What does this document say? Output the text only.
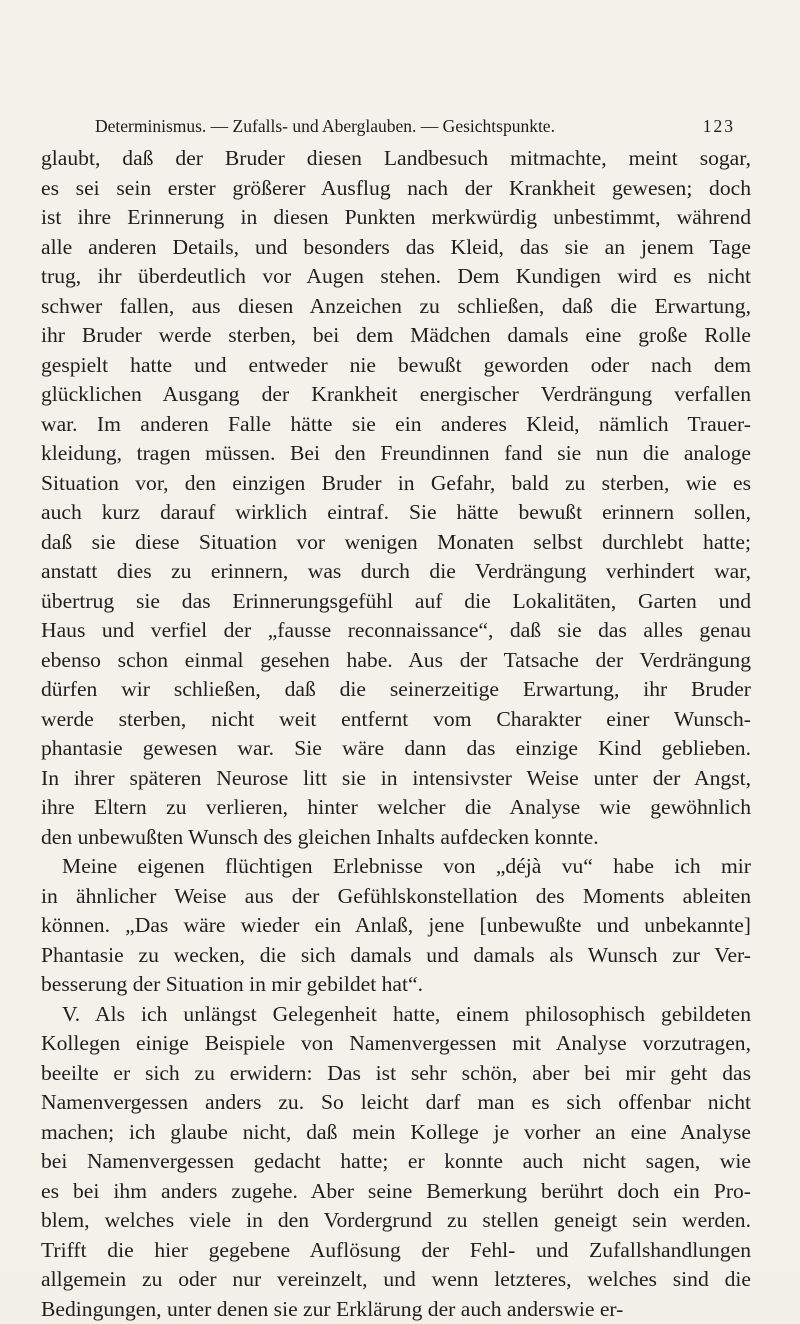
Determinismus. — Zufalls- und Aberglauben. — Gesichtspunkte.	123
glaubt, daß der Bruder diesen Landbesuch mitmachte, meint sogar,
es sei sein erster größerer Ausflug nach der Krankheit gewesen; doch
ist ihre Erinnerung in diesen Punkten merkwürdig unbestimmt, während
alle anderen Details, und besonders das Kleid, das sie an jenem Tage
trug, ihr überdeutlich vor Augen stehen. Dem Kundigen wird es nicht
schwer fallen, aus diesen Anzeichen zu schließen, daß die Erwartung,
ihr Bruder werde sterben, bei dem Mädchen damals eine große Rolle
gespielt hatte und entweder nie bewußt geworden oder nach dem
glücklichen Ausgang der Krankheit energischer Verdrängung verfallen
war. Im anderen Falle hätte sie ein anderes Kleid, nämlich Trauer-
kleidung, tragen müssen. Bei den Freundinnen fand sie nun die analoge
Situation vor, den einzigen Bruder in Gefahr, bald zu sterben, wie es
auch kurz darauf wirklich eintraf. Sie hätte bewußt erinnern sollen,
daß sie diese Situation vor wenigen Monaten selbst durchlebt hatte;
anstatt dies zu erinnern, was durch die Verdrängung verhindert war,
übertrug sie das Erinnerungsgefühl auf die Lokalitäten, Garten und
Haus und verfiel der „fausse reconnaissance“, daß sie das alles genau
ebenso schon einmal gesehen habe. Aus der Tatsache der Verdrängung
dürfen wir schließen, daß die seinerzeitige Erwartung, ihr Bruder
werde sterben, nicht weit entfernt vom Charakter einer Wunsch-
phantasie gewesen war. Sie wäre dann das einzige Kind geblieben.
In ihrer späteren Neurose litt sie in intensivster Weise unter der Angst,
ihre Eltern zu verlieren, hinter welcher die Analyse wie gewöhnlich
den unbewußten Wunsch des gleichen Inhalts aufdecken konnte.
Meine eigenen flüchtigen Erlebnisse von „déjà vu“ habe ich mir
in ähnlicher Weise aus der Gefühlskonstellation des Moments ableiten
können. „Das wäre wieder ein Anlaß, jene [unbewußte und unbekannte]
Phantasie zu wecken, die sich damals und damals als Wunsch zur Ver-
besserung der Situation in mir gebildet hat“.
V. Als ich unlängst Gelegenheit hatte, einem philosophisch gebildeten
Kollegen einige Beispiele von Namenvergessen mit Analyse vorzutragen,
beeilte er sich zu erwidern: Das ist sehr schön, aber bei mir geht das
Namenvergessen anders zu. So leicht darf man es sich offenbar nicht
machen; ich glaube nicht, daß mein Kollege je vorher an eine Analyse
bei Namenvergessen gedacht hatte; er konnte auch nicht sagen, wie
es bei ihm anders zugehe. Aber seine Bemerkung berührt doch ein Pro-
blem, welches viele in den Vordergrund zu stellen geneigt sein werden.
Trifft die hier gegebene Auflösung der Fehl- und Zufallshandlungen
allgemein zu oder nur vereinzelt, und wenn letzteres, welches sind die
Bedingungen, unter denen sie zur Erklärung der auch anderswie er-
